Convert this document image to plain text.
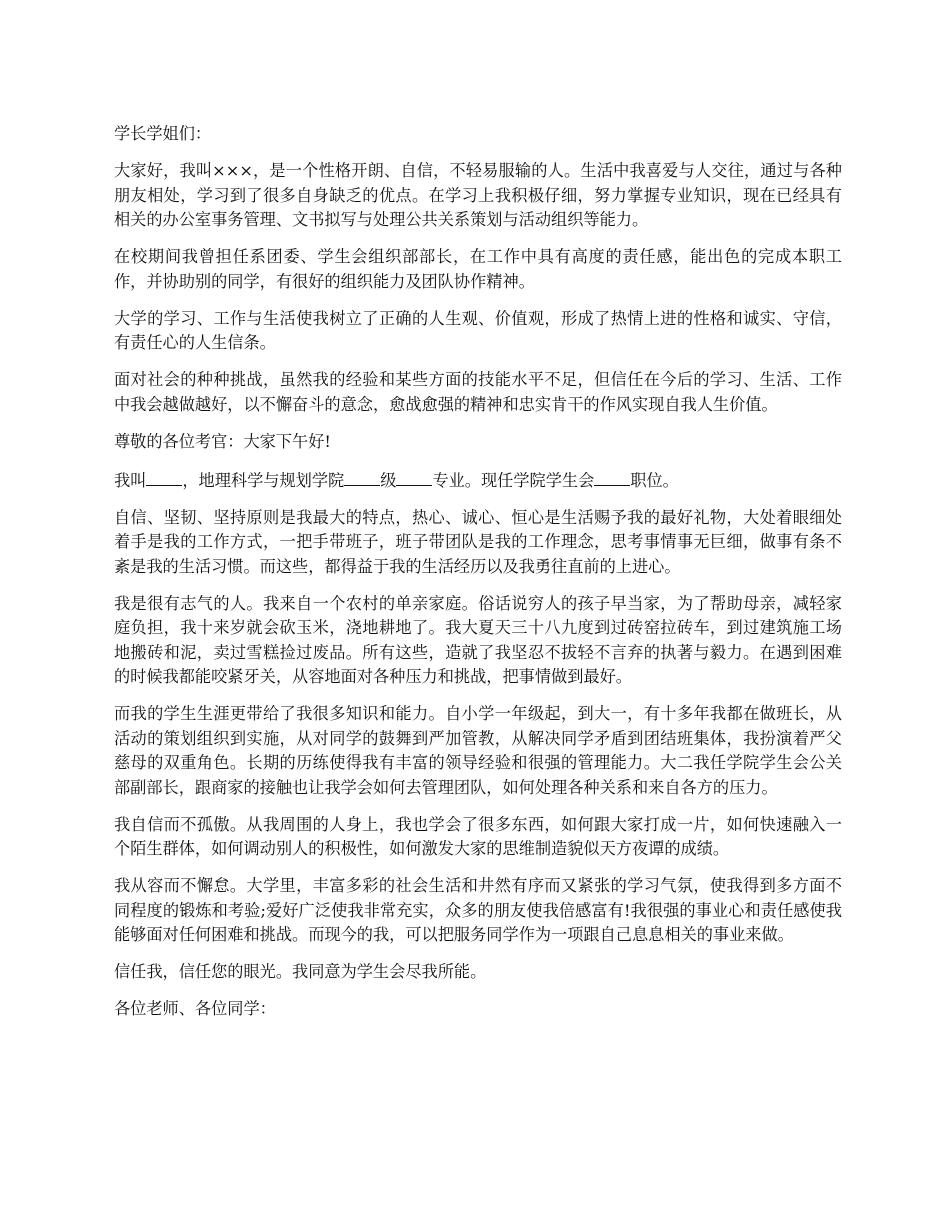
学长学姐们：

大家好，我叫×××，是一个性格开朗、自信，不轻易服输的人。生活中我喜爱与人交往，通过与各种朋友相处，学习到了很多自身缺乏的优点。在学习上我积极仔细，努力掌握专业知识，现在已经具有相关的办公室事务管理、文书拟写与处理公共关系策划与活动组织等能力。

在校期间我曾担任系团委、学生会组织部部长，在工作中具有高度的责任感，能出色的完成本职工作，并协助别的同学，有很好的组织能力及团队协作精神。

大学的学习、工作与生活使我树立了正确的人生观、价值观，形成了热情上进的性格和诚实、守信，有责任心的人生信条。

面对社会的种种挑战，虽然我的经验和某些方面的技能水平不足，但信任在今后的学习、生活、工作中我会越做越好，以不懈奋斗的意念，愈战愈强的精神和忠实肯干的作风实现自我人生价值。

尊敬的各位考官：大家下午好!

我叫 ，地理科学与规划学院 级 专业。现任学院学生会 职位。

自信、坚韧、坚持原则是我最大的特点，热心、诚心、恒心是生活赐予我的最好礼物，大处着眼细处着手是我的工作方式，一把手带班子，班子带团队是我的工作理念，思考事情事无巨细，做事有条不紊是我的生活习惯。而这些，都得益于我的生活经历以及我勇往直前的上进心。

我是很有志气的人。我来自一个农村的单亲家庭。俗话说穷人的孩子早当家，为了帮助母亲，减轻家庭负担，我十来岁就会砍玉米，浇地耕地了。我大夏天三十八九度到过砖窑拉砖车，到过建筑施工场地搬砖和泥，卖过雪糕捡过废品。所有这些，造就了我坚忍不拔轻不言弃的执著与毅力。在遇到困难的时候我都能咬紧牙关，从容地面对各种压力和挑战，把事情做到最好。

而我的学生生涯更带给了我很多知识和能力。自小学一年级起，到大一，有十多年我都在做班长，从活动的策划组织到实施，从对同学的鼓舞到严加管教，从解决同学矛盾到团结班集体，我扮演着严父慈母的双重角色。长期的历练使得我有丰富的领导经验和很强的管理能力。大二我任学院学生会公关部副部长，跟商家的接触也让我学会如何去管理团队，如何处理各种关系和来自各方的压力。

我自信而不孤傲。从我周围的人身上，我也学会了很多东西，如何跟大家打成一片，如何快速融入一个陌生群体，如何调动别人的积极性，如何激发大家的思维制造貌似天方夜谭的成绩。

我从容而不懈怠。大学里，丰富多彩的社会生活和井然有序而又紧张的学习气氛，使我得到多方面不同程度的锻炼和考验;爱好广泛使我非常充实，众多的朋友使我倍感富有!我很强的事业心和责任感使我能够面对任何困难和挑战。而现今的我，可以把服务同学作为一项跟自己息息相关的事业来做。

信任我，信任您的眼光。我同意为学生会尽我所能。

各位老师、各位同学：
